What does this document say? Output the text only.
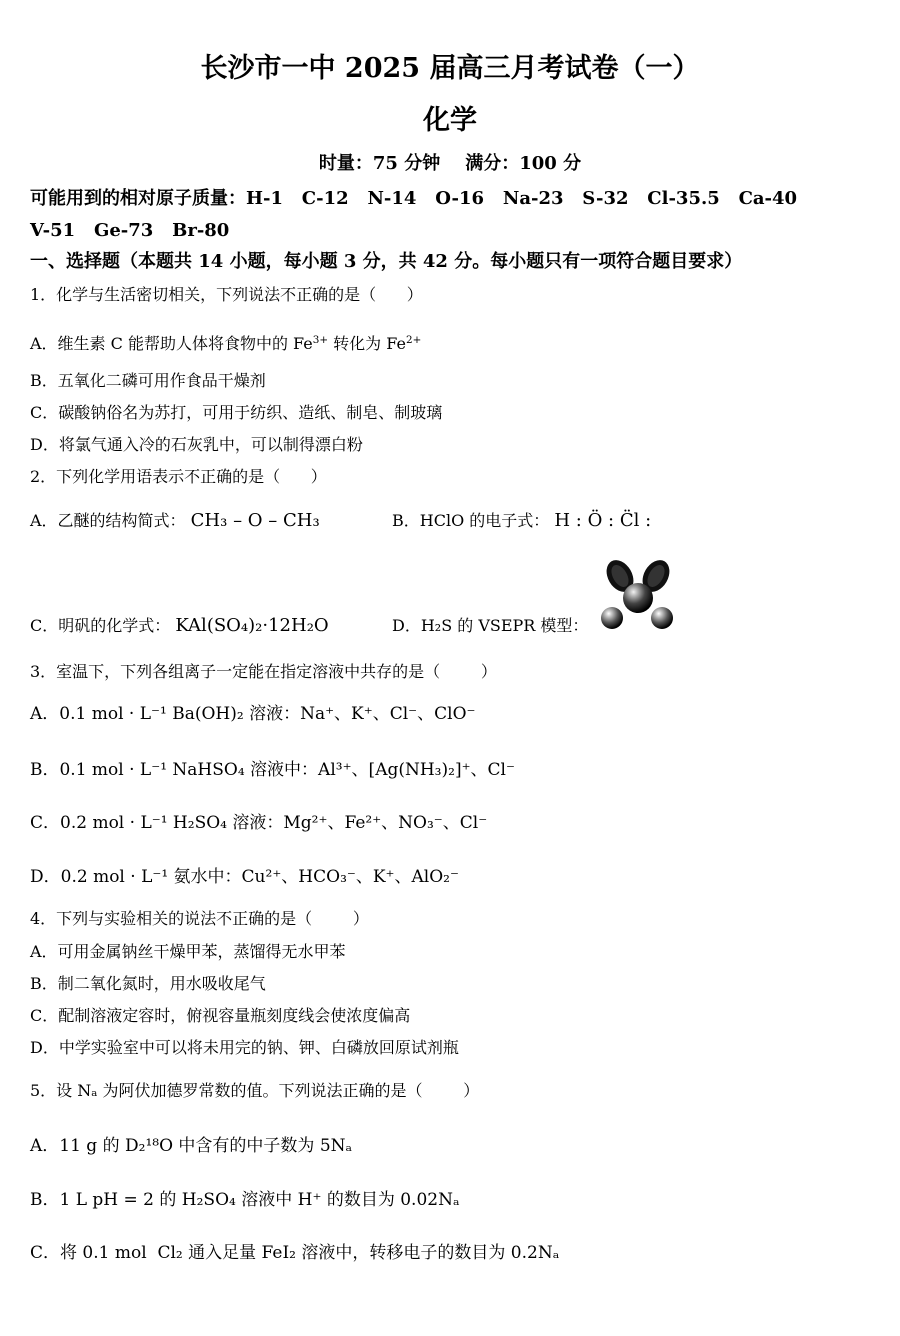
长沙市一中 2025 届高三月考试卷（一）
化学
时量：75 分钟    满分：100 分
可能用到的相对原子质量：H-1   C-12   N-14   O-16   Na-23   S-32   Cl-35.5   Ca-40
V-51   Ge-73   Br-80
一、选择题（本题共 14 小题，每小题 3 分，共 42 分。每小题只有一项符合题目要求）
1．化学与生活密切相关，下列说法不正确的是（      ）
A．维生素 C 能帮助人体将食物中的 $Fe^{3+}$ 转化为 $Fe^{2+}$
B．五氧化二磷可用作食品干燥剂
C．碳酸钠俗名为苏打，可用于纺织、造纸、制皂、制玻璃
D．将氯气通入冷的石灰乳中，可以制得漂白粉
2．下列化学用语表示不正确的是（      ）
A．乙醚的结构简式： CH₃ – O – CH₃	B．HClO 的电子式： H : Ö : C̈l :
C．明矾的化学式： KAl(SO₄)₂·12H₂O	D．H₂S 的 VSEPR 模型：
3．室温下，下列各组离子一定能在指定溶液中共存的是（        ）
A．0.1 mol · L⁻¹ Ba(OH)₂ 溶液：Na⁺、K⁺、Cl⁻、ClO⁻
B．0.1 mol · L⁻¹ NaHSO₄ 溶液中：Al³⁺、[Ag(NH₃)₂]⁺、Cl⁻
C．0.2 mol · L⁻¹ H₂SO₄ 溶液：Mg²⁺、Fe²⁺、NO₃⁻、Cl⁻
D．0.2 mol · L⁻¹ 氨水中：Cu²⁺、HCO₃⁻、K⁺、AlO₂⁻
4．下列与实验相关的说法不正确的是（        ）
A．可用金属钠丝干燥甲苯，蒸馏得无水甲苯
B．制二氧化氮时，用水吸收尾气
C．配制溶液定容时，俯视容量瓶刻度线会使浓度偏高
D．中学实验室中可以将未用完的钠、钾、白磷放回原试剂瓶
5．设 Nₐ 为阿伏加德罗常数的值。下列说法正确的是（        ）
A．11 g 的 D₂¹⁸O 中含有的中子数为 5Nₐ
B．1 L pH = 2 的 H₂SO₄ 溶液中 H⁺ 的数目为 0.02Nₐ
C．将 0.1 mol  Cl₂ 通入足量 FeI₂ 溶液中，转移电子的数目为 0.2Nₐ
